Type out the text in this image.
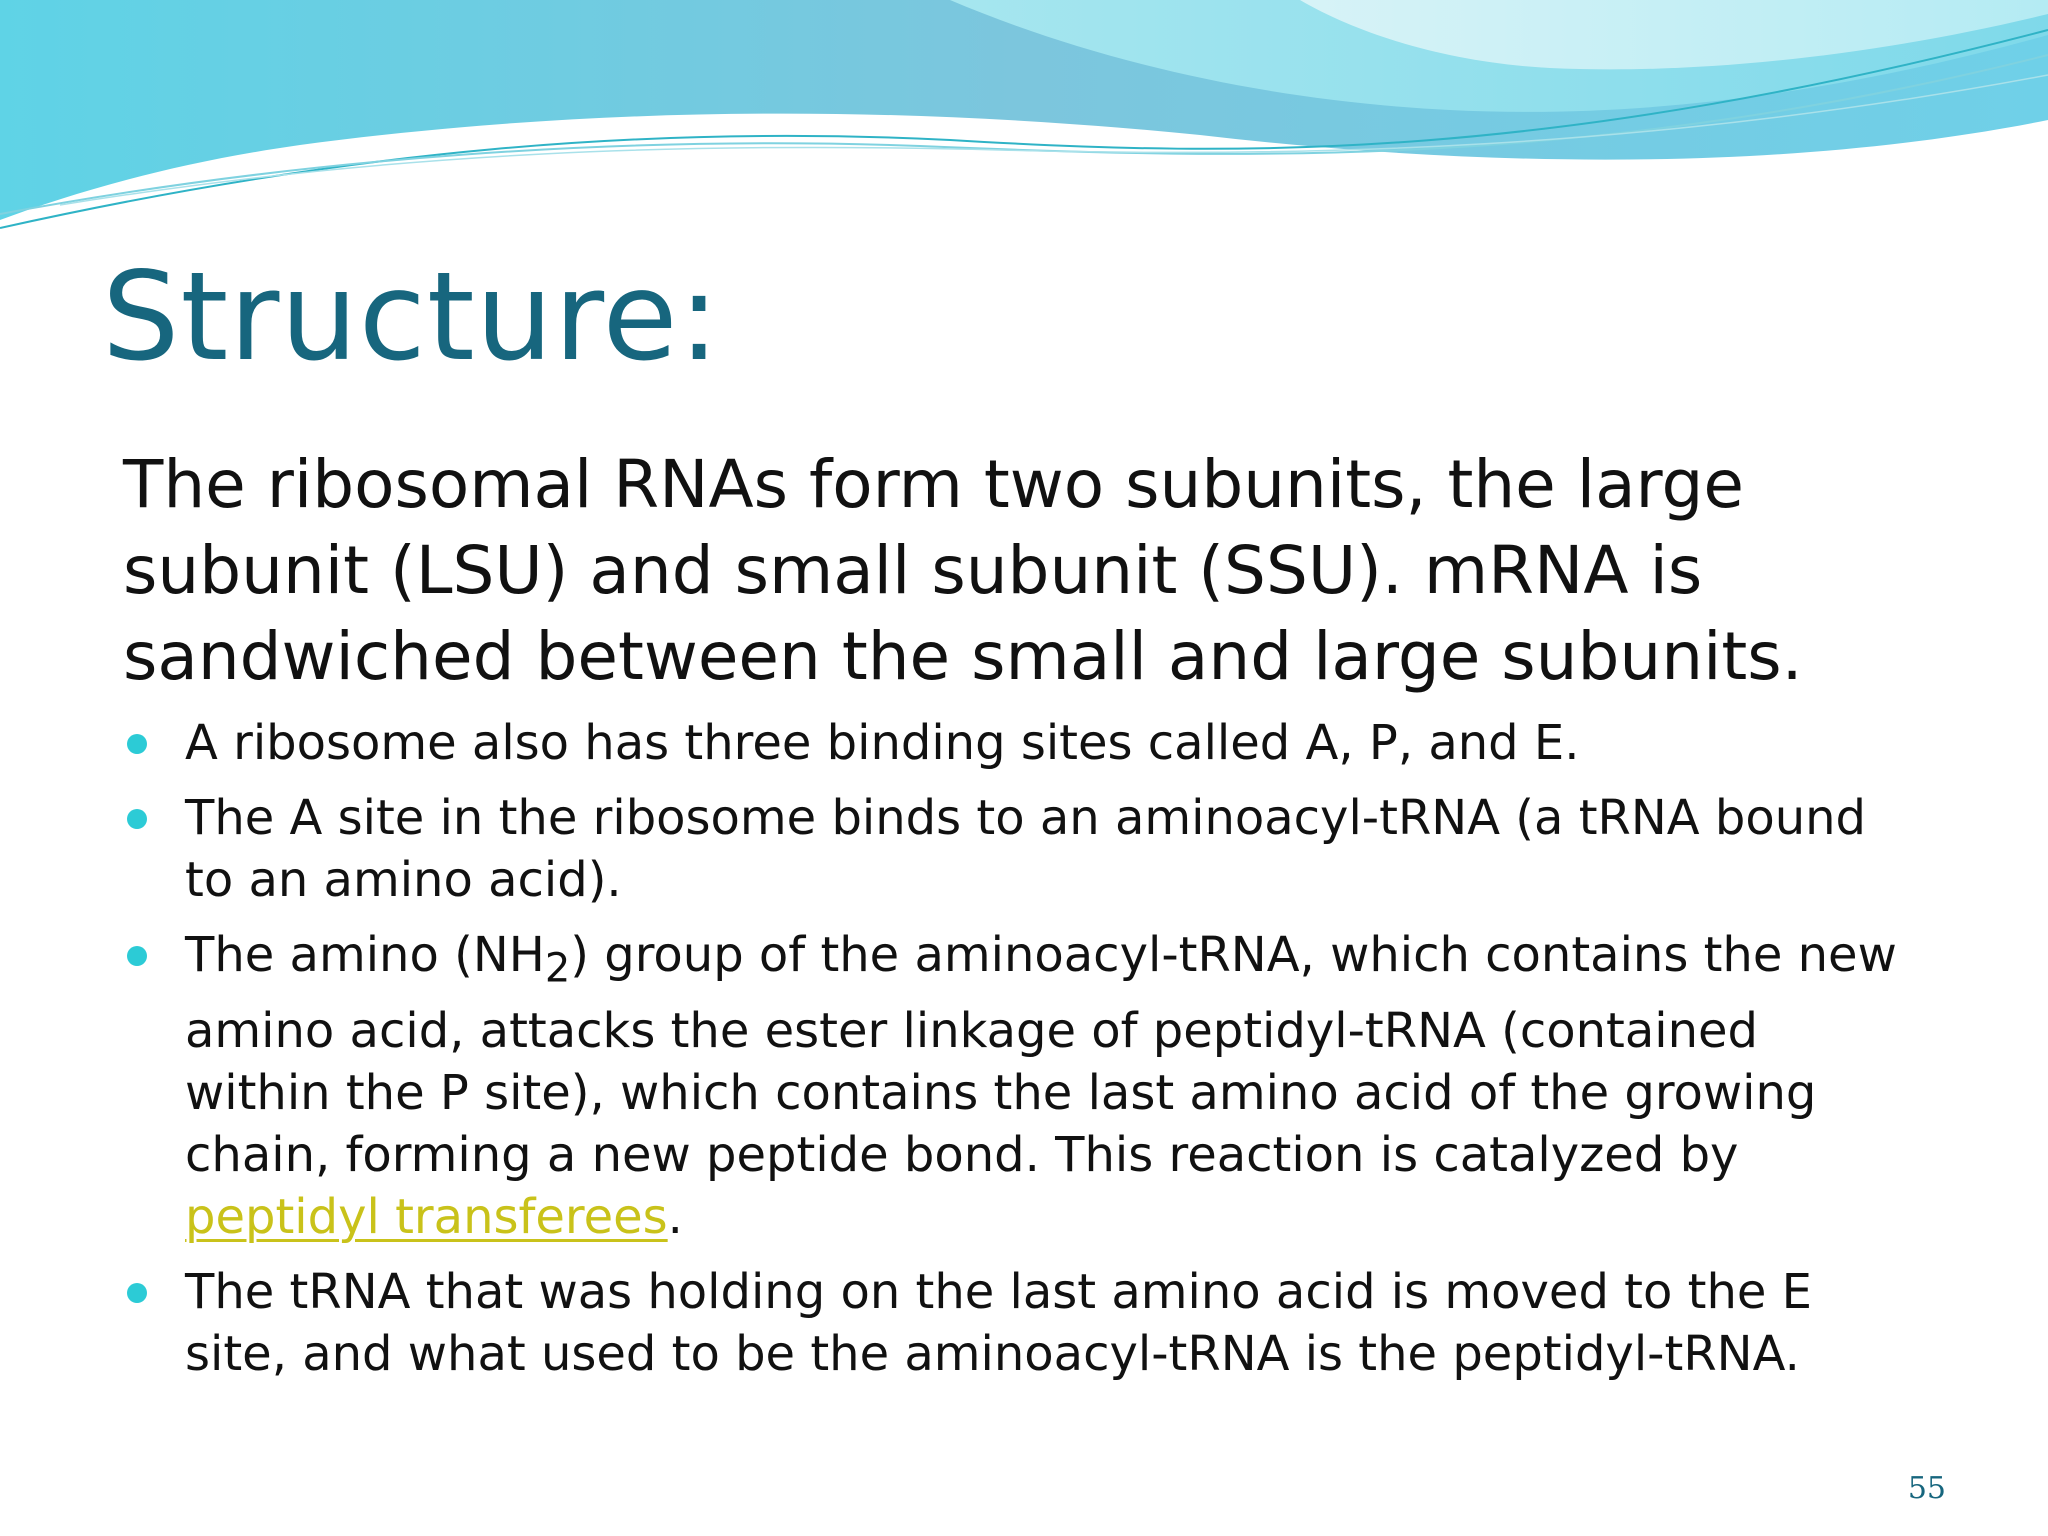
Structure:

The ribosomal RNAs form two subunits, the large subunit (LSU) and small subunit (SSU). mRNA is sandwiched between the small and large subunits.

A ribosome also has three binding sites called A, P, and E.
The A site in the ribosome binds to an aminoacyl-tRNA (a tRNA bound to an amino acid).
The amino $(NH_2)$ group of the aminoacyl-tRNA, which contains the new amino acid, attacks the ester linkage of peptidyl-tRNA (contained within the P site), which contains the last amino acid of the growing chain, forming a new peptide bond. This reaction is catalyzed by peptidyl transferees.
The tRNA that was holding on the last amino acid is moved to the E site, and what used to be the aminoacyl-tRNA is the peptidyl-tRNA.
55
